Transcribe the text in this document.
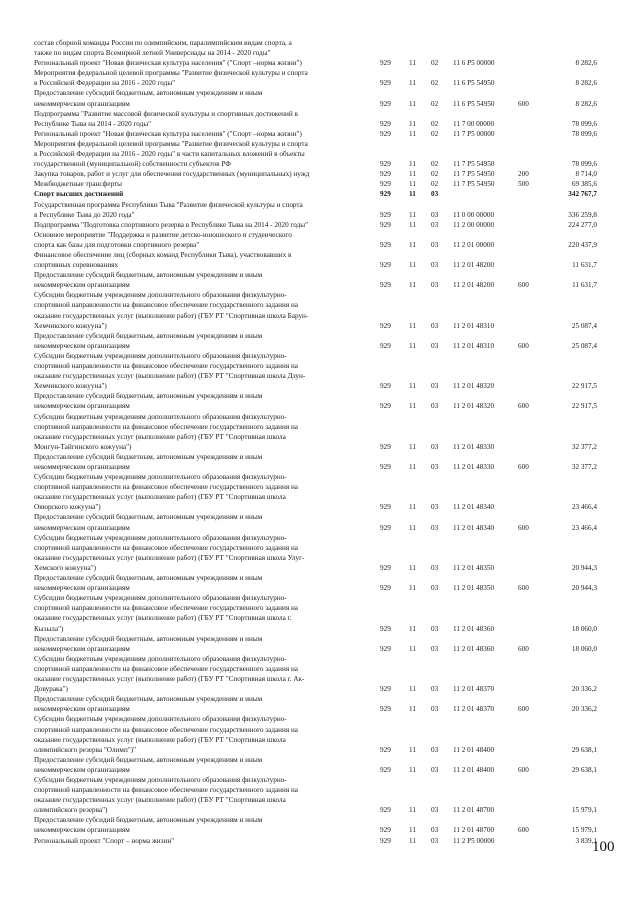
состав сборной команды России по олимпийским, паралимпийским видам спорта, а
также по видам спорта Всемирной летней Универсиады на 2014 - 2020 годы"
Региональный проект "Новая физическая культура населения" ("Спорт –норма жизни")	929	11 02 11 6 P5 00000	8 282,6
Мероприятия федеральной целевой программы "Развитие физической культуры и спорта
в Российской Федерации на 2016 - 2020 годы"	929	11 02 11 6 P5 54950	8 282,6
Предоставление субсидий бюджетным, автономным учреждениям и иным
некоммерческим организациям	929	11 02 11 6 P5 54950	600	8 282,6
Подпрограмма "Развитие массовой физической культуры и спортивных достижений в
Республике Тыва на 2014 - 2020 годы"	929	11 02 11 7 00 00000	78 099,6
Региональный проект "Новая физическая культура населения" ("Спорт –норма жизни")	929	11 02 11 7 P5 00000	78 099,6
Мероприятия федеральной целевой программы "Развитие физической культуры и спорта
в Российской Федерации на 2016 - 2020 годы" в части капитальных вложений в объекты
государственной (муниципальной) собственности субъектов РФ	929	11 02 11 7 P5 54950	78 099,6
Закупка товаров, работ и услуг для обеспечения государственных (муниципальных) нужд	929	11 02 11 7 P5 54950	200	8 714,0
Межбюджетные трансферты	929	11 02 11 7 P5 54950	500	69 385,6
Спорт высших достижений	929	11 03	342 767,7
Государственная программа Республики Тыва "Развитие физической культуры и спорта
в Республике Тыва до 2020 года"	929	11 03 11 0 00 00000	336 259,8
Подпрограмма "Подготовка спортивного резерва в Республике Тыва на 2014 - 2020 годы"	929	11 03 11 2 00 00000	224 277,0
Основное мероприятие "Поддержка и развитие детско-юношеского и студенческого
спорта как базы для подготовки спортивного резерва"	929	11 03 11 2 01 00000	220 437,9
Финансовое обеспечение лиц (сборных команд Республики Тыва), участвовавших в
спортивных соревнованиях	929	11 03 11 2 01 48200	11 631,7
Предоставление субсидий бюджетным, автономным учреждениям и иным
некоммерческим организациям	929	11 03 11 2 01 48200	600	11 631,7
Субсидии бюджетным учреждениям дополнительного образования физкультурно-
спортивной направленности на финансовое обеспечение государственного задания на
оказание государственных услуг (выполнение работ) (ГБУ РТ "Спортивная школа Барун-
Хемчикского кожууна")	929	11 03 11 2 01 48310	25 087,4
Предоставление субсидий бюджетным, автономным учреждениям и иным
некоммерческим организациям	929	11 03 11 2 01 48310	600	25 087,4
Субсидии бюджетным учреждениям дополнительного образования физкультурно-
спортивной направленности на финансовое обеспечение государственного задания на
оказание государственных услуг (выполнение работ) (ГБУ РТ "Спортивная школа Дзун-
Хемчикского кожууна")	929	11 03 11 2 01 48320	22 917,5
Предоставление субсидий бюджетным, автономным учреждениям и иным
некоммерческим организациям	929	11 03 11 2 01 48320	600	22 917,5
Субсидии бюджетным учреждениям дополнительного образования физкультурно-
спортивной направленности на финансовое обеспечение государственного задания на
оказание государственных услуг (выполнение работ) (ГБУ РТ "Спортивная школа
Монгун-Тайгинского кожууна")	929	11 03 11 2 01 48330	32 377,2
Предоставление субсидий бюджетным, автономным учреждениям и иным
некоммерческим организациям	929	11 03 11 2 01 48330	600	32 377,2
Субсидии бюджетным учреждениям дополнительного образования физкультурно-
спортивной направленности на финансовое обеспечение государственного задания на
оказание государственных услуг (выполнение работ) (ГБУ РТ "Спортивная школа
Овюрского кожууна")	929	11 03 11 2 01 48340	23 466,4
Предоставление субсидий бюджетным, автономным учреждениям и иным
некоммерческим организациям	929	11 03 11 2 01 48340	600	23 466,4
Субсидии бюджетным учреждениям дополнительного образования физкультурно-
спортивной направленности на финансовое обеспечение государственного задания на
оказание государственных услуг (выполнение работ) (ГБУ РТ "Спортивная школа Улуг-
Хемского кожууна")	929	11 03 11 2 01 48350	20 944,3
Предоставление субсидий бюджетным, автономным учреждениям и иным
некоммерческим организациям	929	11 03 11 2 01 48350	600	20 944,3
Субсидии бюджетным учреждениям дополнительного образования физкультурно-
спортивной направленности на финансовое обеспечение государственного задания на
оказание государственных услуг (выполнение работ) (ГБУ РТ "Спортивная школа г.
Кызыла")	929	11 03 11 2 01 48360	18 060,0
Предоставление субсидий бюджетным, автономным учреждениям и иным
некоммерческим организациям	929	11 03 11 2 01 48360	600	18 060,0
Субсидии бюджетным учреждениям дополнительного образования физкультурно-
спортивной направленности на финансовое обеспечение государственного задания на
оказание государственных услуг (выполнение работ) (ГБУ РТ "Спортивная школа г. Ак-
Довурака")	929	11 03 11 2 01 48370	20 336,2
Предоставление субсидий бюджетным, автономным учреждениям и иным
некоммерческим организациям	929	11 03 11 2 01 48370	600	20 336,2
Субсидии бюджетным учреждениям дополнительного образования физкультурно-
спортивной направленности на финансовое обеспечение государственного задания на
оказание государственных услуг (выполнение работ) (ГБУ РТ "Спортивная школа
олимпийского резерва "Олимп")"	929	11 03 11 2 01 48400	29 638,1
Предоставление субсидий бюджетным, автономным учреждениям и иным
некоммерческим организациям	929	11 03 11 2 01 48400	600	29 638,1
Субсидии бюджетным учреждениям дополнительного образования физкультурно-
спортивной направленности на финансовое обеспечение государственного задания на
оказание государственных услуг (выполнение работ) (ГБУ РТ "Спортивная школа
олимпийского резерва")	929	11 03 11 2 01 48700	15 979,1
Предоставление субсидий бюджетным, автономным учреждениям и иным
некоммерческим организациям	929	11 03 11 2 01 48700	600	15 979,1
Региональный проект "Спорт – норма жизни"	929	11 03 11 2 P5 00000	3 839,1
100
